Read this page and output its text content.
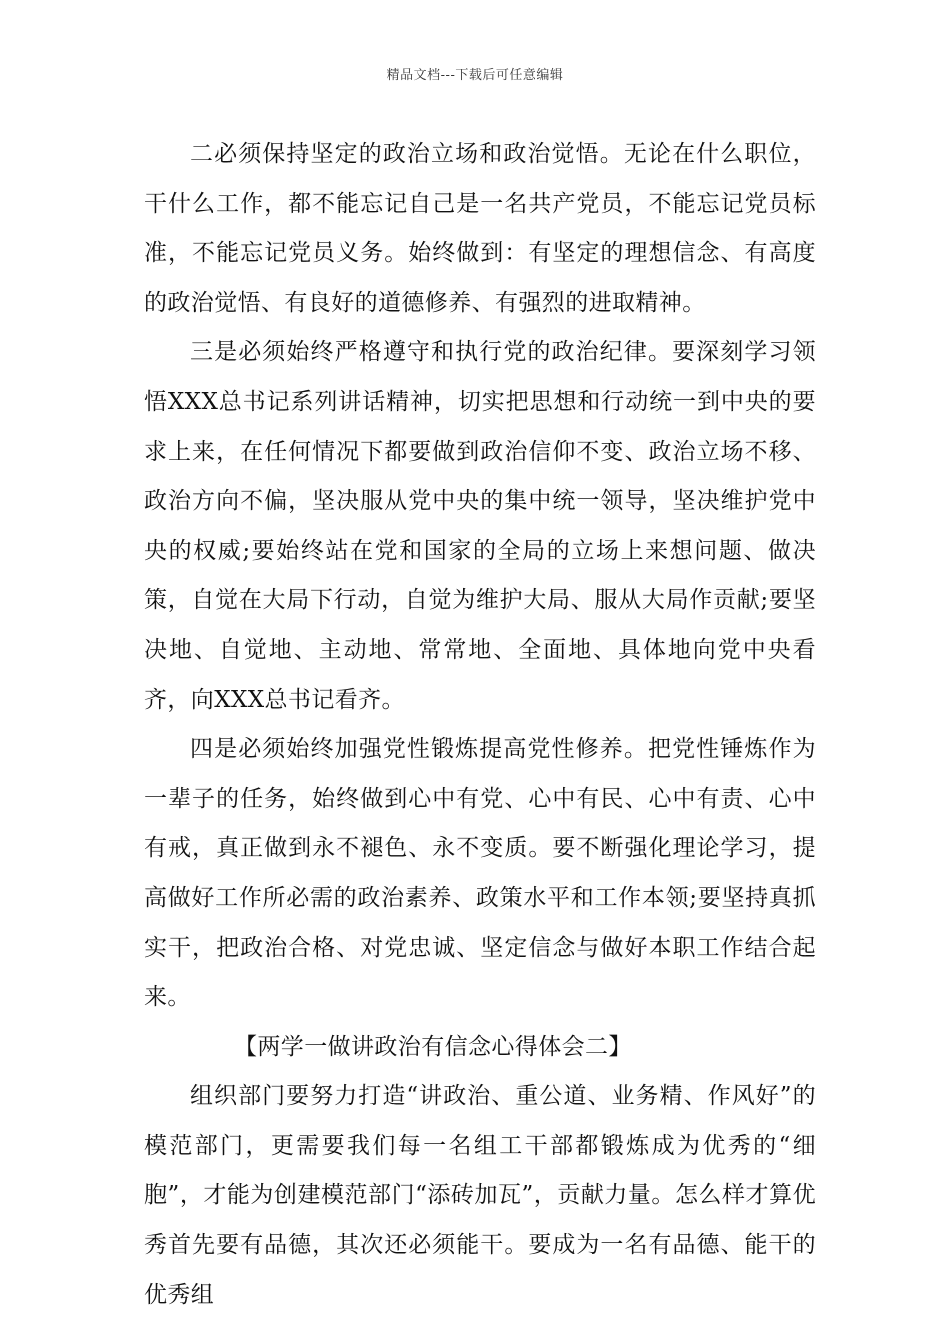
精品文档---下载后可任意编辑

二必须保持坚定的政治立场和政治觉悟。无论在什么职位，干什么工作，都不能忘记自己是一名共产党员，不能忘记党员标准，不能忘记党员义务。始终做到：有坚定的理想信念、有高度的政治觉悟、有良好的道德修养、有强烈的进取精神。

三是必须始终严格遵守和执行党的政治纪律。要深刻学习领悟XXX总书记系列讲话精神，切实把思想和行动统一到中央的要求上来，在任何情况下都要做到政治信仰不变、政治立场不移、政治方向不偏，坚决服从党中央的集中统一领导，坚决维护党中央的权威;要始终站在党和国家的全局的立场上来想问题、做决策，自觉在大局下行动，自觉为维护大局、服从大局作贡献;要坚决地、自觉地、主动地、常常地、全面地、具体地向党中央看齐，向XXX总书记看齐。

四是必须始终加强党性锻炼提高党性修养。把党性锤炼作为一辈子的任务，始终做到心中有党、心中有民、心中有责、心中有戒，真正做到永不褪色、永不变质。要不断强化理论学习，提高做好工作所必需的政治素养、政策水平和工作本领;要坚持真抓实干，把政治合格、对党忠诚、坚定信念与做好本职工作结合起来。

【两学一做讲政治有信念心得体会二】

组织部门要努力打造“讲政治、重公道、业务精、作风好”的模范部门，更需要我们每一名组工干部都锻炼成为优秀的“细胞”，才能为创建模范部门“添砖加瓦”，贡献力量。怎么样才算优秀首先要有品德，其次还必须能干。要成为一名有品德、能干的优秀组
